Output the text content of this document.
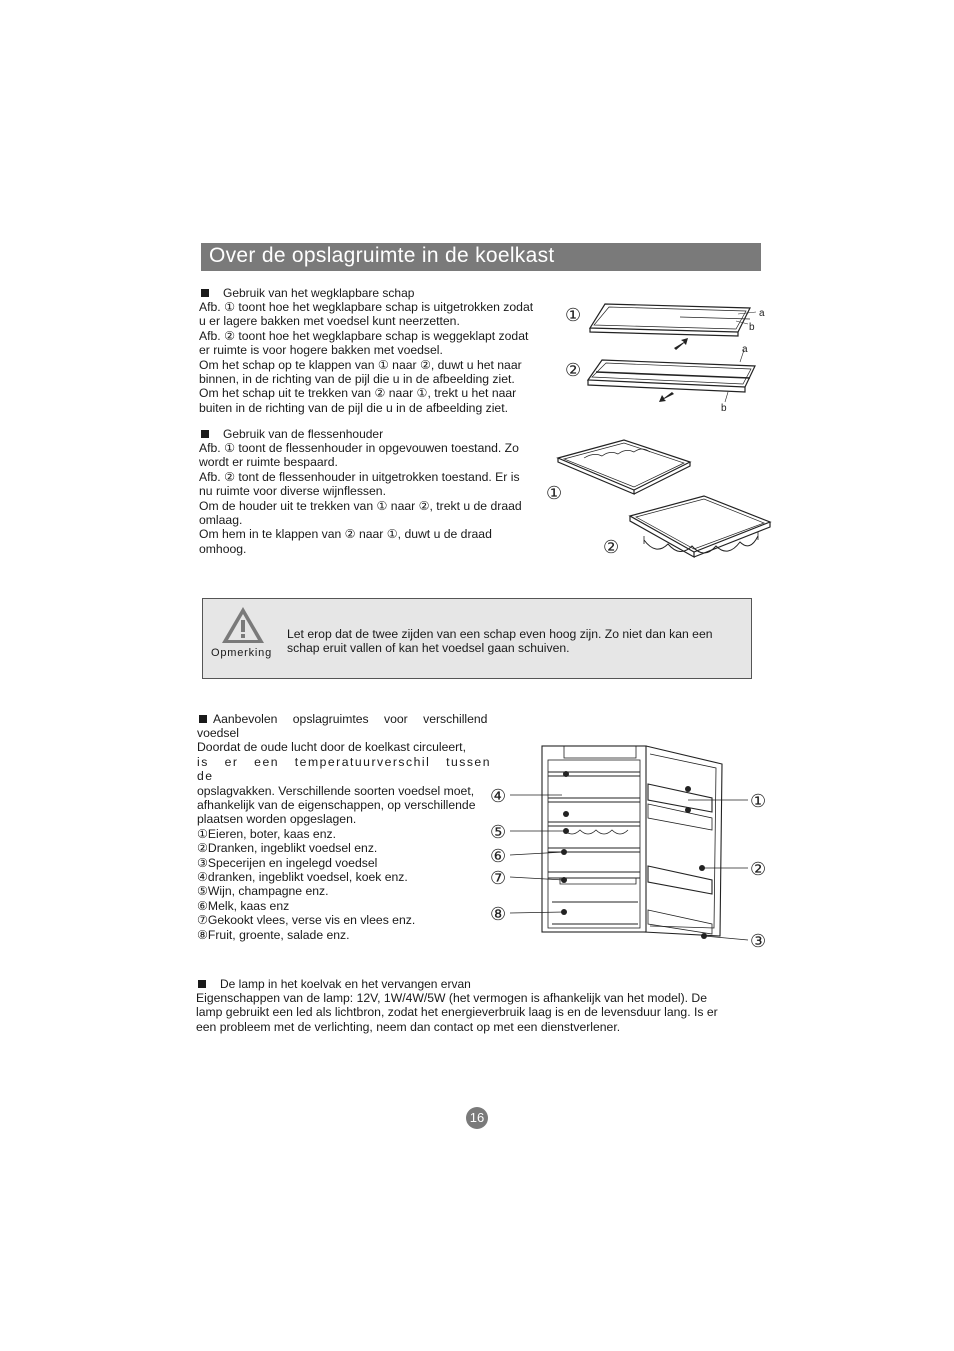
Over de opslagruimte in de koelkast
Gebruik van het wegklapbare schap
Afb. ① toont hoe het wegklapbare schap is uitgetrokken zodat
u er lagere bakken met voedsel kunt neerzetten.
Afb. ② toont hoe het wegklapbare schap is weggeklapt zodat
er ruimte is voor hogere bakken met voedsel.
Om het schap op te klappen van ① naar ②, duwt u het naar
binnen, in de richting van de pijl die u in de afbeelding ziet.
Om het schap uit te trekken van ② naar ①, trekt u het naar
buiten in de richting van de pijl die u in de afbeelding ziet.
①
②
a
b
a
b
Gebruik van de flessenhouder
Afb. ① toont de flessenhouder in opgevouwen toestand. Zo
wordt er ruimte bespaard.
Afb. ② tont de flessenhouder in uitgetrokken toestand. Er is
nu ruimte voor diverse wijnflessen.
Om de houder uit te trekken van ① naar ②, trekt u de draad
omlaag.
Om hem in te klappen van ② naar ①, duwt u de draad
omhoog.
①
②
Opmerking
Let erop dat de twee zijden van een schap even hoog zijn. Zo niet dan kan een schap eruit vallen of kan het voedsel gaan schuiven.
Aanbevolen opslagruimtes voor verschillend
voedsel
Doordat de oude lucht door de koelkast circuleert,
is er een temperatuurverschil tussen de
opslagvakken. Verschillende soorten voedsel moet,
afhankelijk van de eigenschappen, op verschillende
plaatsen worden opgeslagen.
①Eieren, boter, kaas enz.
②Dranken, ingeblikt voedsel enz.
③Specerijen en ingelegd voedsel
④dranken, ingeblikt voedsel, koek enz.
⑤Wijn, champagne enz.
⑥Melk, kaas enz
⑦Gekookt vlees, verse vis en vlees enz.
⑧Fruit, groente, salade enz.
④
⑤
⑥
⑦
⑧
①
②
③
De lamp in het koelvak en het vervangen ervan
Eigenschappen van de lamp: 12V, 1W/4W/5W (het vermogen is afhankelijk van het model). De
lamp gebruikt een led als lichtbron, zodat het energieverbruik laag is en de levensduur lang. Is er
een probleem met de verlichting, neem dan contact op met een dienstverlener.
16
